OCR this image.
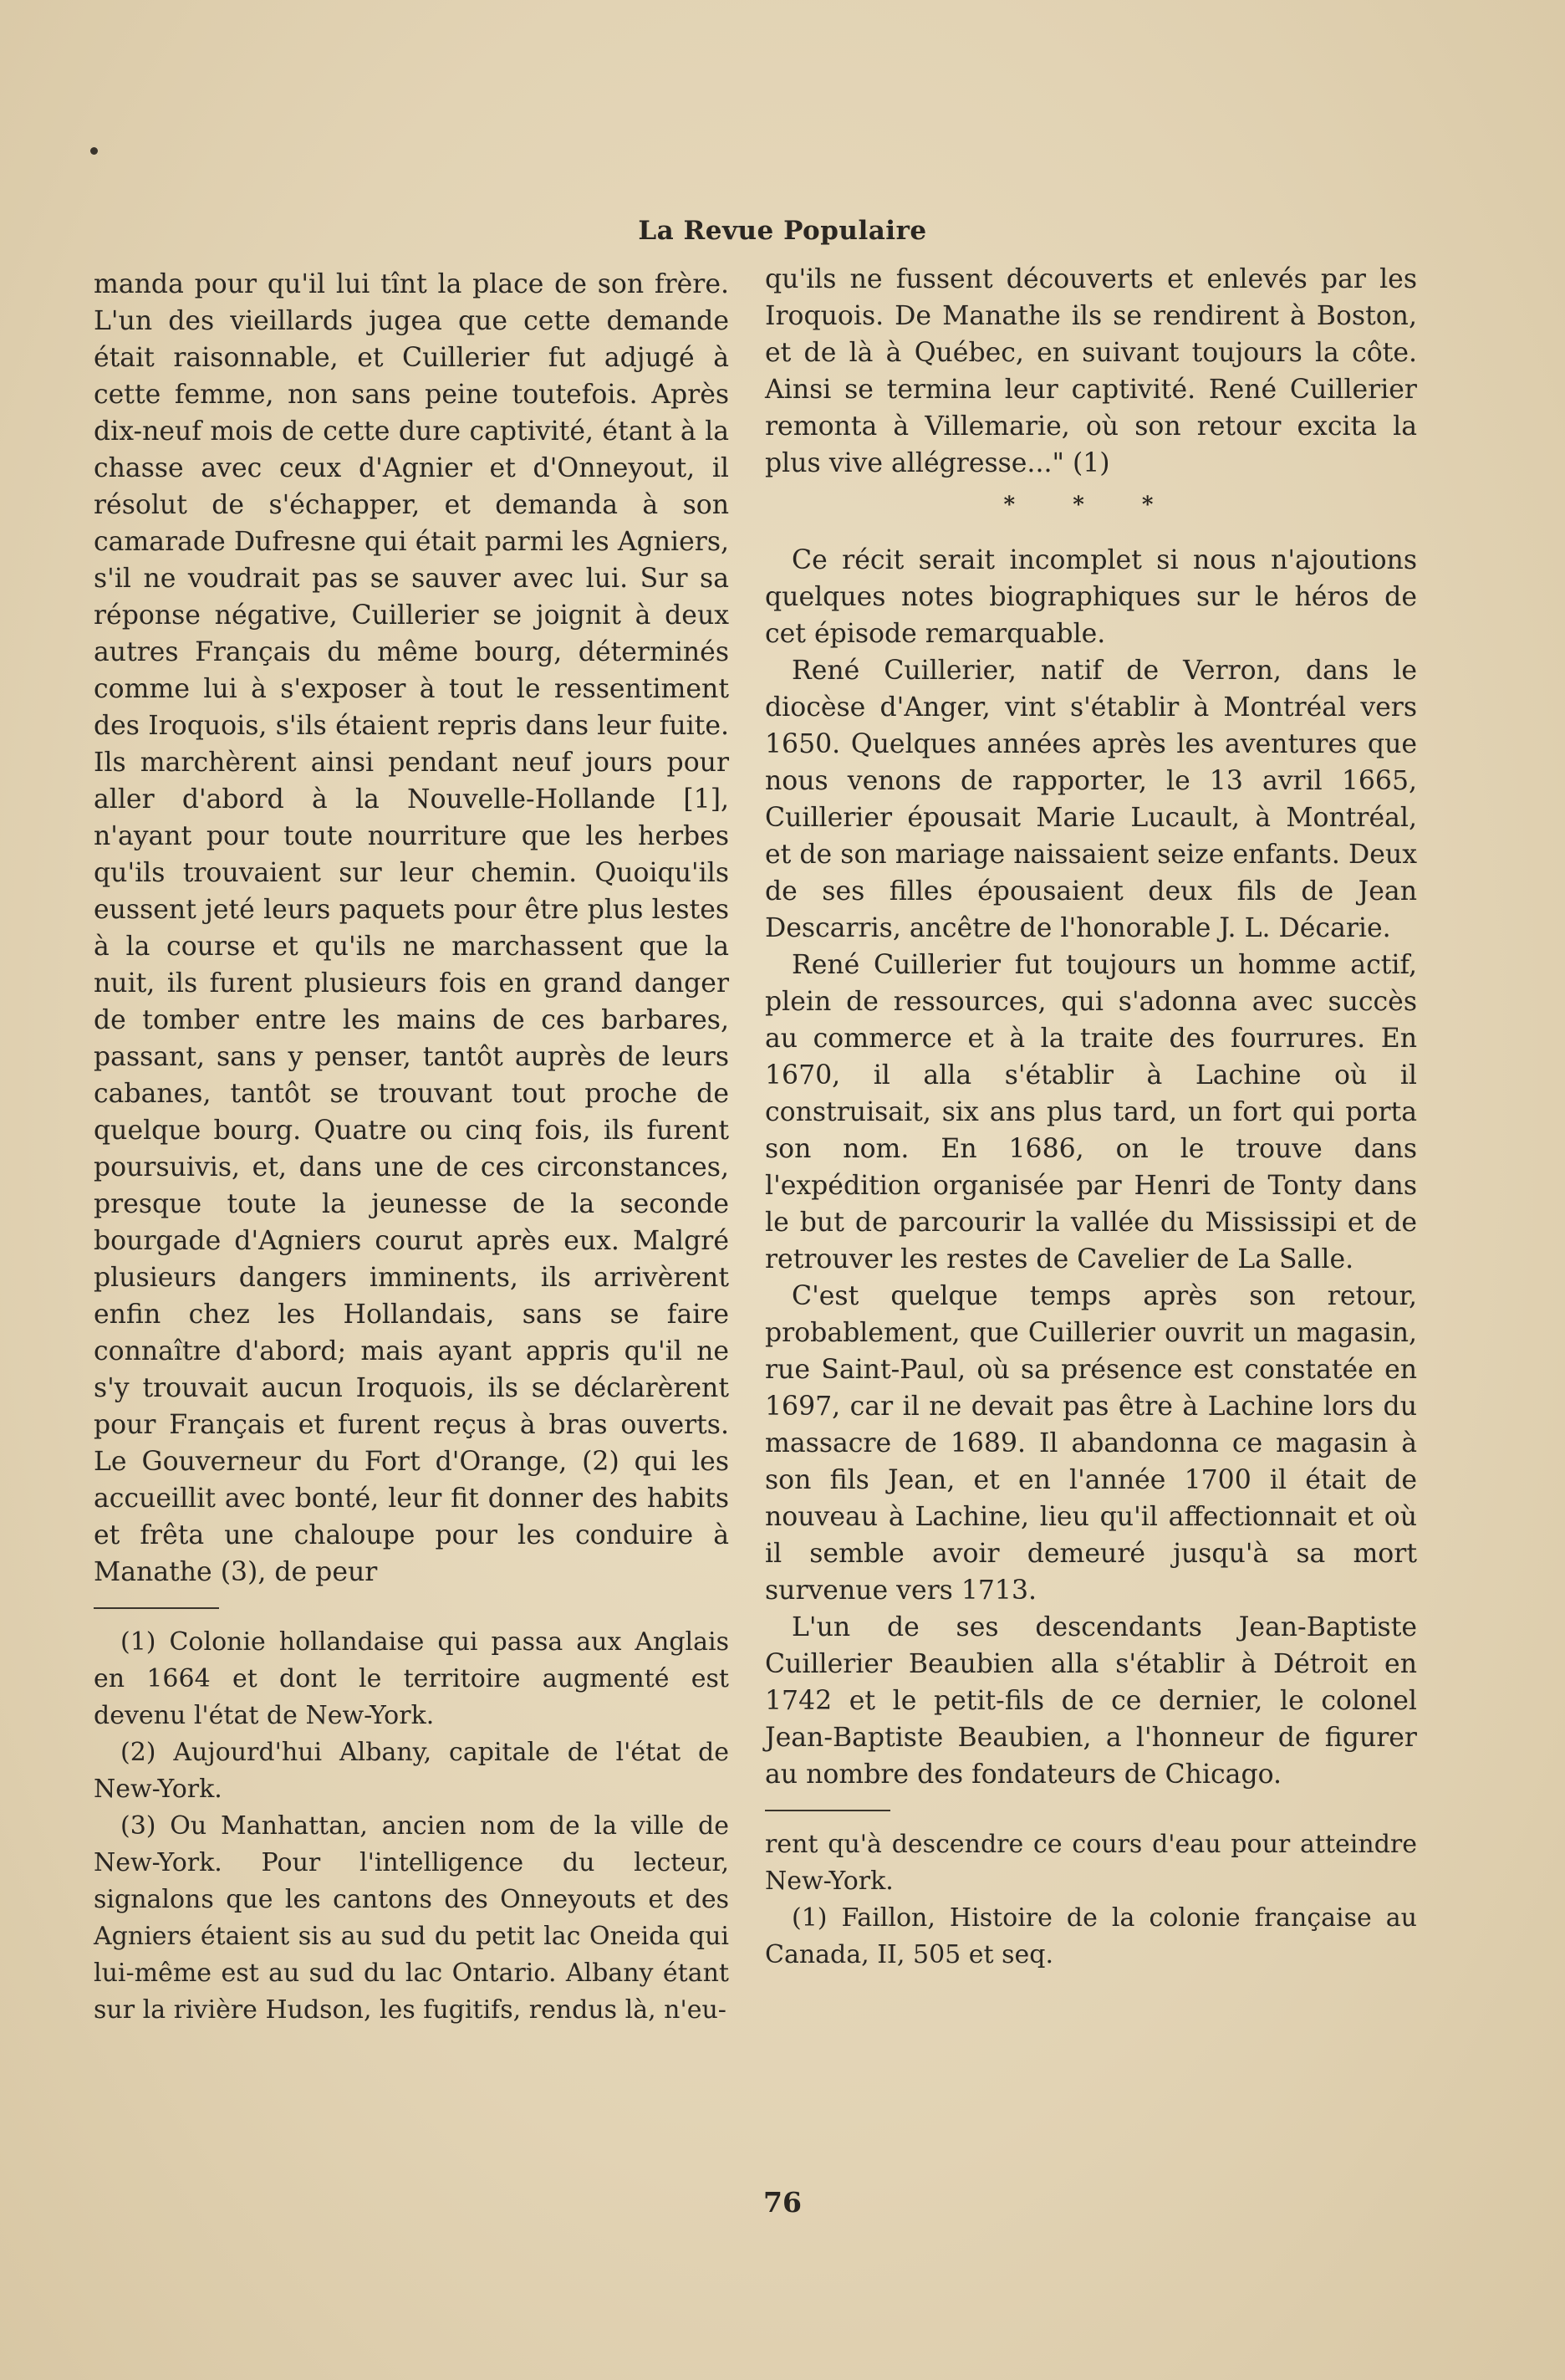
La Revue Populaire

manda pour qu'il lui tînt la place de son frère. L'un des vieillards jugea que cette demande était raisonnable, et Cuillerier fut adjugé à cette femme, non sans peine toutefois. Après dix-neuf mois de cette dure captivité, étant à la chasse avec ceux d'Agnier et d'Onneyout, il résolut de s'échapper, et demanda à son camarade Dufresne qui était parmi les Agniers, s'il ne voudrait pas se sauver avec lui. Sur sa réponse négative, Cuillerier se joignit à deux autres Français du même bourg, déterminés comme lui à s'exposer à tout le ressentiment des Iroquois, s'ils étaient repris dans leur fuite. Ils marchèrent ainsi pendant neuf jours pour aller d'abord à la Nouvelle-Hollande [1], n'ayant pour toute nourriture que les herbes qu'ils trouvaient sur leur chemin. Quoiqu'ils eussent jeté leurs paquets pour être plus lestes à la course et qu'ils ne marchassent que la nuit, ils furent plusieurs fois en grand danger de tomber entre les mains de ces barbares, passant, sans y penser, tantôt auprès de leurs cabanes, tantôt se trouvant tout proche de quelque bourg. Quatre ou cinq fois, ils furent poursuivis, et, dans une de ces circonstances, presque toute la jeunesse de la seconde bourgade d'Agniers courut après eux. Malgré plusieurs dangers imminents, ils arrivèrent enfin chez les Hollandais, sans se faire connaître d'abord; mais ayant appris qu'il ne s'y trouvait aucun Iroquois, ils se déclarèrent pour Français et furent reçus à bras ouverts. Le Gouverneur du Fort d'Orange, (2) qui les accueillit avec bonté, leur fit donner des habits et frêta une chaloupe pour les conduire à Manathe (3), de peur

(1) Colonie hollandaise qui passa aux Anglais en 1664 et dont le territoire augmenté est devenu l'état de New-York.

(2) Aujourd'hui Albany, capitale de l'état de New-York.

(3) Ou Manhattan, ancien nom de la ville de New-York. Pour l'intelligence du lecteur, signalons que les cantons des Onneyouts et des Agniers étaient sis au sud du petit lac Oneida qui lui-même est au sud du lac Ontario. Albany étant sur la rivière Hudson, les fugitifs, rendus là, n'eu-

qu'ils ne fussent découverts et enlevés par les Iroquois. De Manathe ils se rendirent à Boston, et de là à Québec, en suivant toujours la côte. Ainsi se termina leur captivité. René Cuillerier remonta à Villemarie, où son retour excita la plus vive allégresse..." (1)

* * *

Ce récit serait incomplet si nous n'ajoutions quelques notes biographiques sur le héros de cet épisode remarquable.

René Cuillerier, natif de Verron, dans le diocèse d'Anger, vint s'établir à Montréal vers 1650. Quelques années après les aventures que nous venons de rapporter, le 13 avril 1665, Cuillerier épousait Marie Lucault, à Montréal, et de son mariage naissaient seize enfants. Deux de ses filles épousaient deux fils de Jean Descarris, ancêtre de l'honorable J. L. Décarie.

René Cuillerier fut toujours un homme actif, plein de ressources, qui s'adonna avec succès au commerce et à la traite des fourrures. En 1670, il alla s'établir à Lachine où il construisait, six ans plus tard, un fort qui porta son nom. En 1686, on le trouve dans l'expédition organisée par Henri de Tonty dans le but de parcourir la vallée du Mississipi et de retrouver les restes de Cavelier de La Salle.

C'est quelque temps après son retour, probablement, que Cuillerier ouvrit un magasin, rue Saint-Paul, où sa présence est constatée en 1697, car il ne devait pas être à Lachine lors du massacre de 1689. Il abandonna ce magasin à son fils Jean, et en l'année 1700 il était de nouveau à Lachine, lieu qu'il affectionnait et où il semble avoir demeuré jusqu'à sa mort survenue vers 1713.

L'un de ses descendants Jean-Baptiste Cuillerier Beaubien alla s'établir à Détroit en 1742 et le petit-fils de ce dernier, le colonel Jean-Baptiste Beaubien, a l'honneur de figurer au nombre des fondateurs de Chicago.

rent qu'à descendre ce cours d'eau pour atteindre New-York.

(1) Faillon, Histoire de la colonie française au Canada, II, 505 et seq.

76
